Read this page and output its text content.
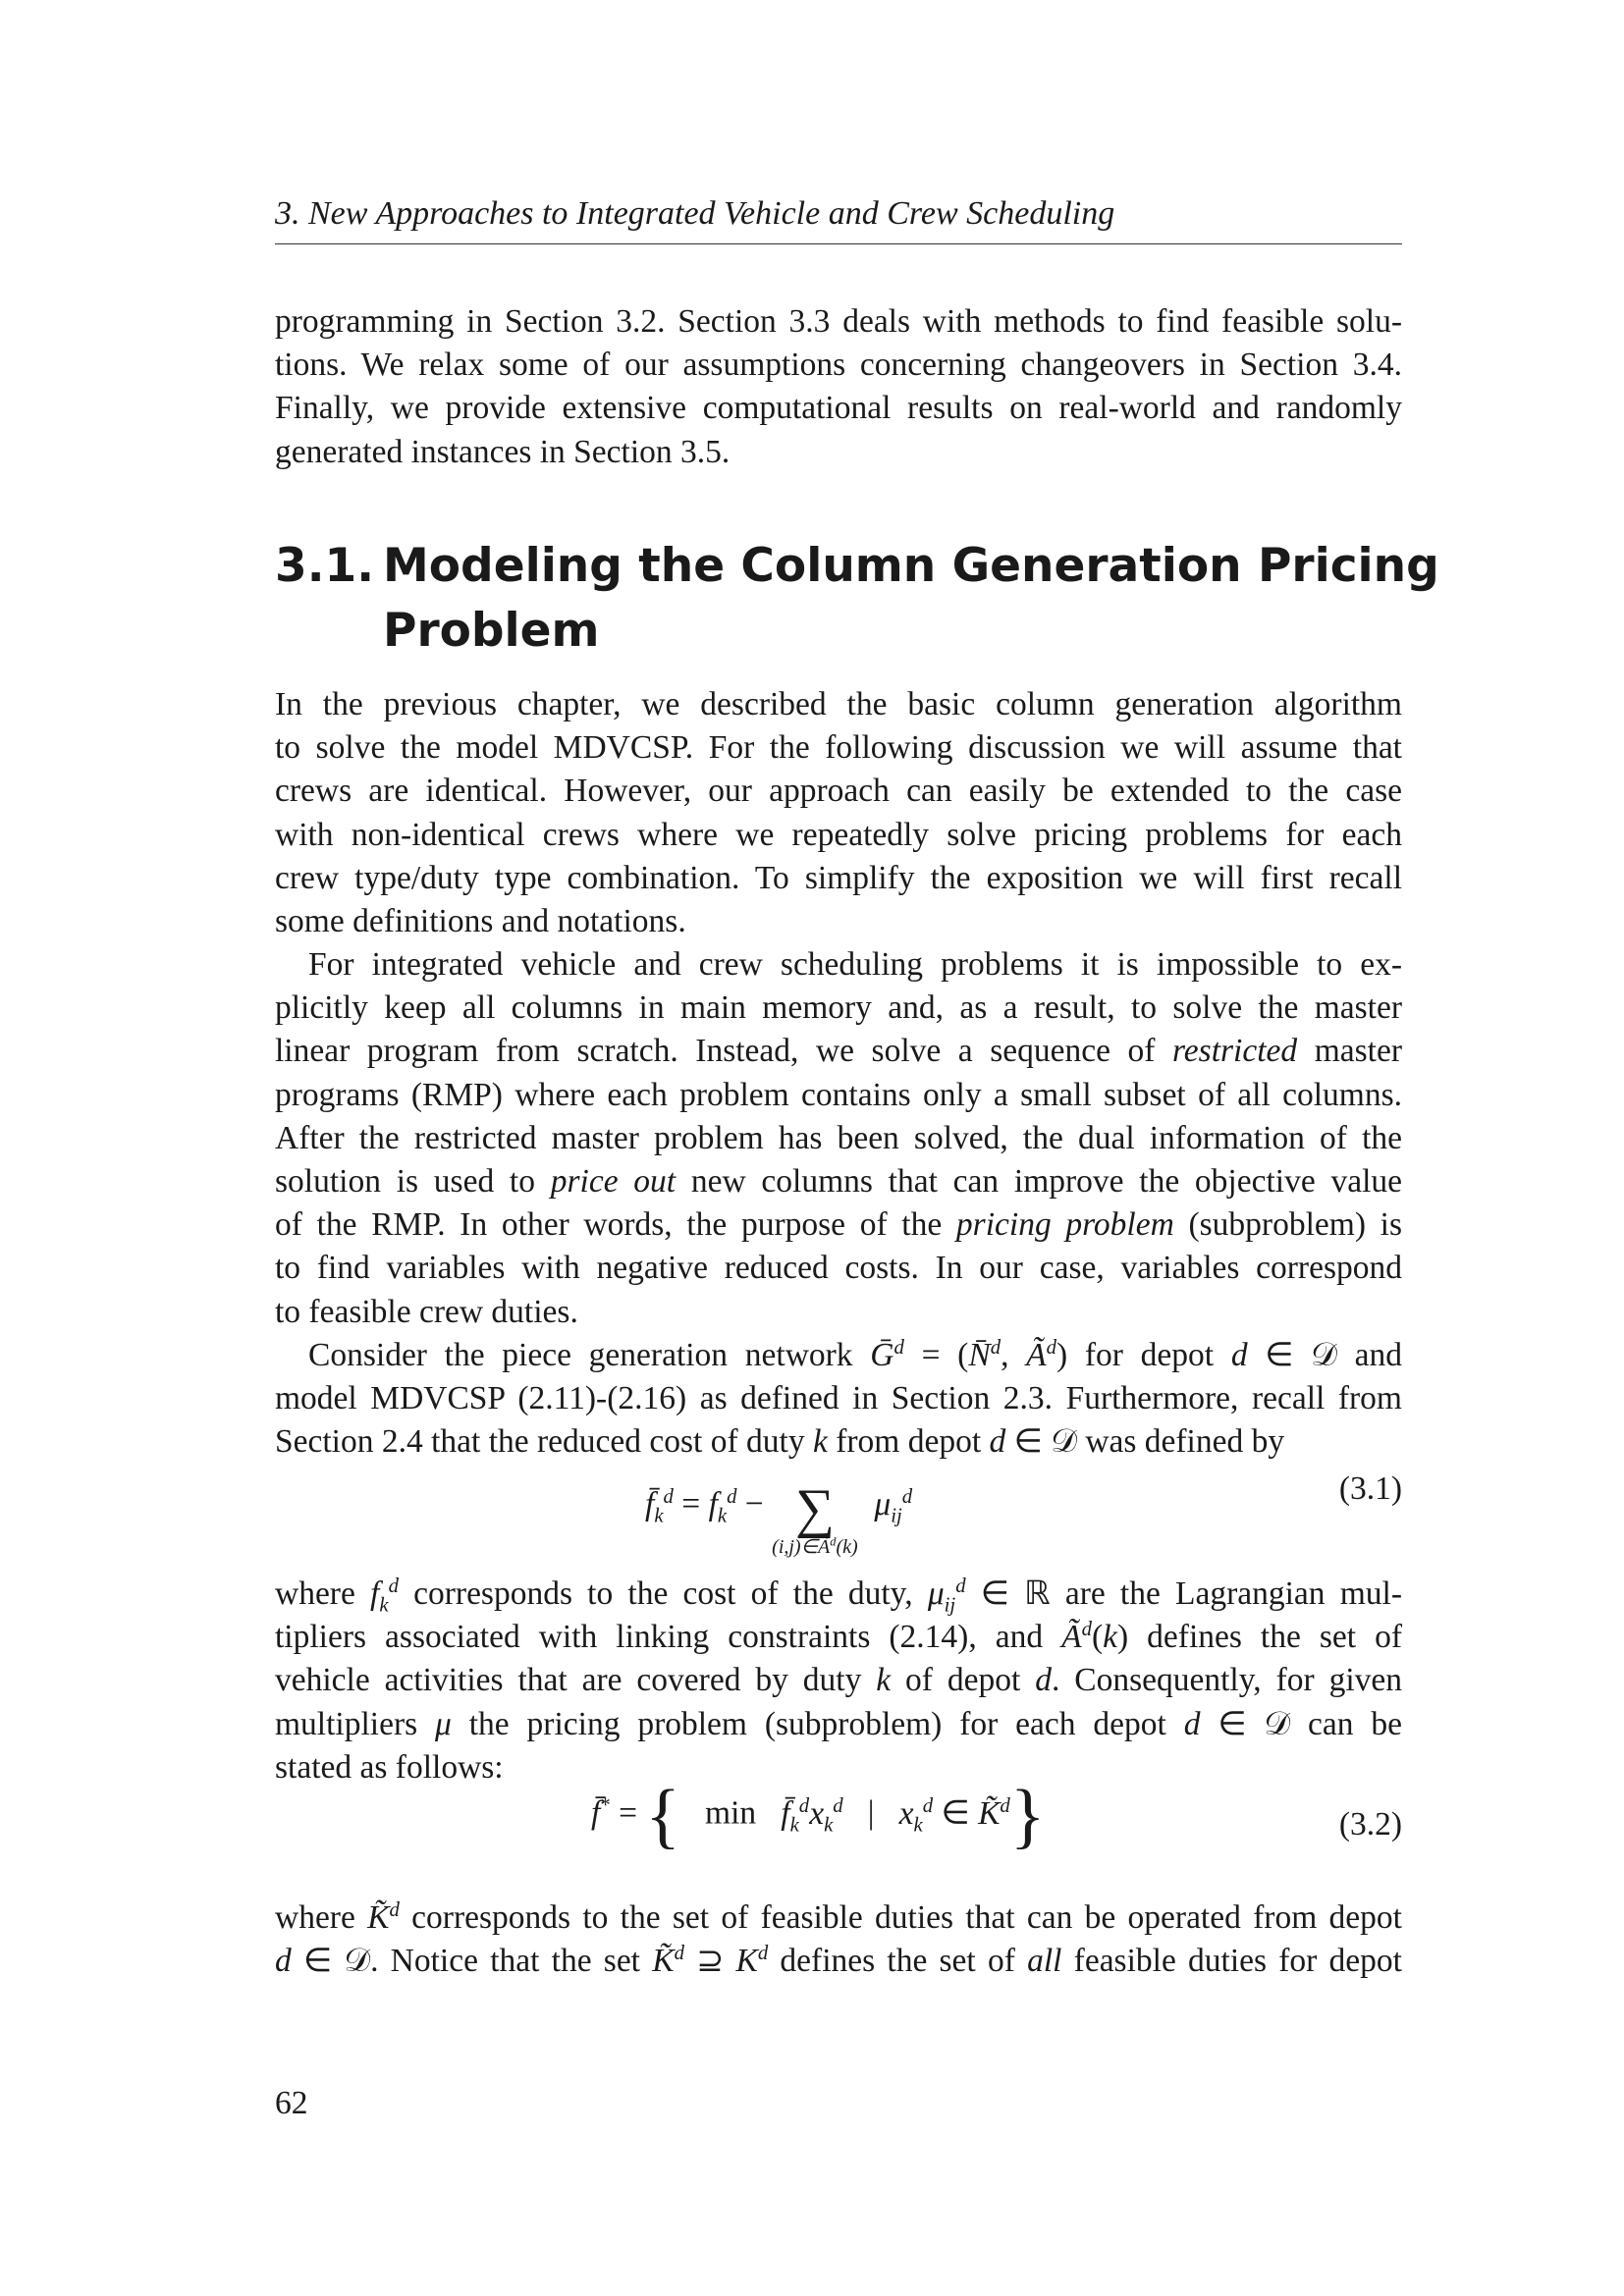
3. New Approaches to Integrated Vehicle and Crew Scheduling
programming in Section 3.2. Section 3.3 deals with methods to find feasible solu-
tions. We relax some of our assumptions concerning changeovers in Section 3.4.
Finally, we provide extensive computational results on real-world and randomly
generated instances in Section 3.5.
3.1. Modeling the Column Generation Pricing
Problem
In the previous chapter, we described the basic column generation algorithm
to solve the model MDVCSP. For the following discussion we will assume that
crews are identical. However, our approach can easily be extended to the case
with non-identical crews where we repeatedly solve pricing problems for each
crew type/duty type combination. To simplify the exposition we will first recall
some definitions and notations.
For integrated vehicle and crew scheduling problems it is impossible to ex-
plicitly keep all columns in main memory and, as a result, to solve the master
linear program from scratch. Instead, we solve a sequence of restricted master
programs (RMP) where each problem contains only a small subset of all columns.
After the restricted master problem has been solved, the dual information of the
solution is used to price out new columns that can improve the objective value
of the RMP. In other words, the purpose of the pricing problem (subproblem) is
to find variables with negative reduced costs. In our case, variables correspond
to feasible crew duties.
Consider the piece generation network Ḡ$^d$ = (N̄$^d$, $Ã^d$) for depot d ∈ 𝒟 and
model MDVCSP (2.11)-(2.16) as defined in Section 2.3. Furthermore, recall from
Section 2.4 that the reduced cost of duty k from depot d ∈ 𝒟 was defined by
$f̄_k^d = f_k^d$ − ∑
$(i,j)\in Ã^d(k)$
$\mu_{ij}^d$	(3.1)
where $f_k^d$ corresponds to the cost of the duty, $\mu_{ij}^d$ ∈ ℝ are the Lagrangian mul-
tipliers associated with linking constraints (2.14), and $Ã^d(k)$ defines the set of
vehicle activities that are covered by duty k of depot d. Consequently, for given
multipliers μ the pricing problem (subproblem) for each depot d ∈ 𝒟 can be
stated as follows:
f̄* = { $\min f̄_k^dx_k^d$   |   $x_k^d$ ∈ K̃$^d$}	(3.2)
where K̃$^d$ corresponds to the set of feasible duties that can be operated from depot
d ∈ 𝒟. Notice that the set K̃$^d$ ⊇ $K^d$ defines the set of all feasible duties for depot
62
